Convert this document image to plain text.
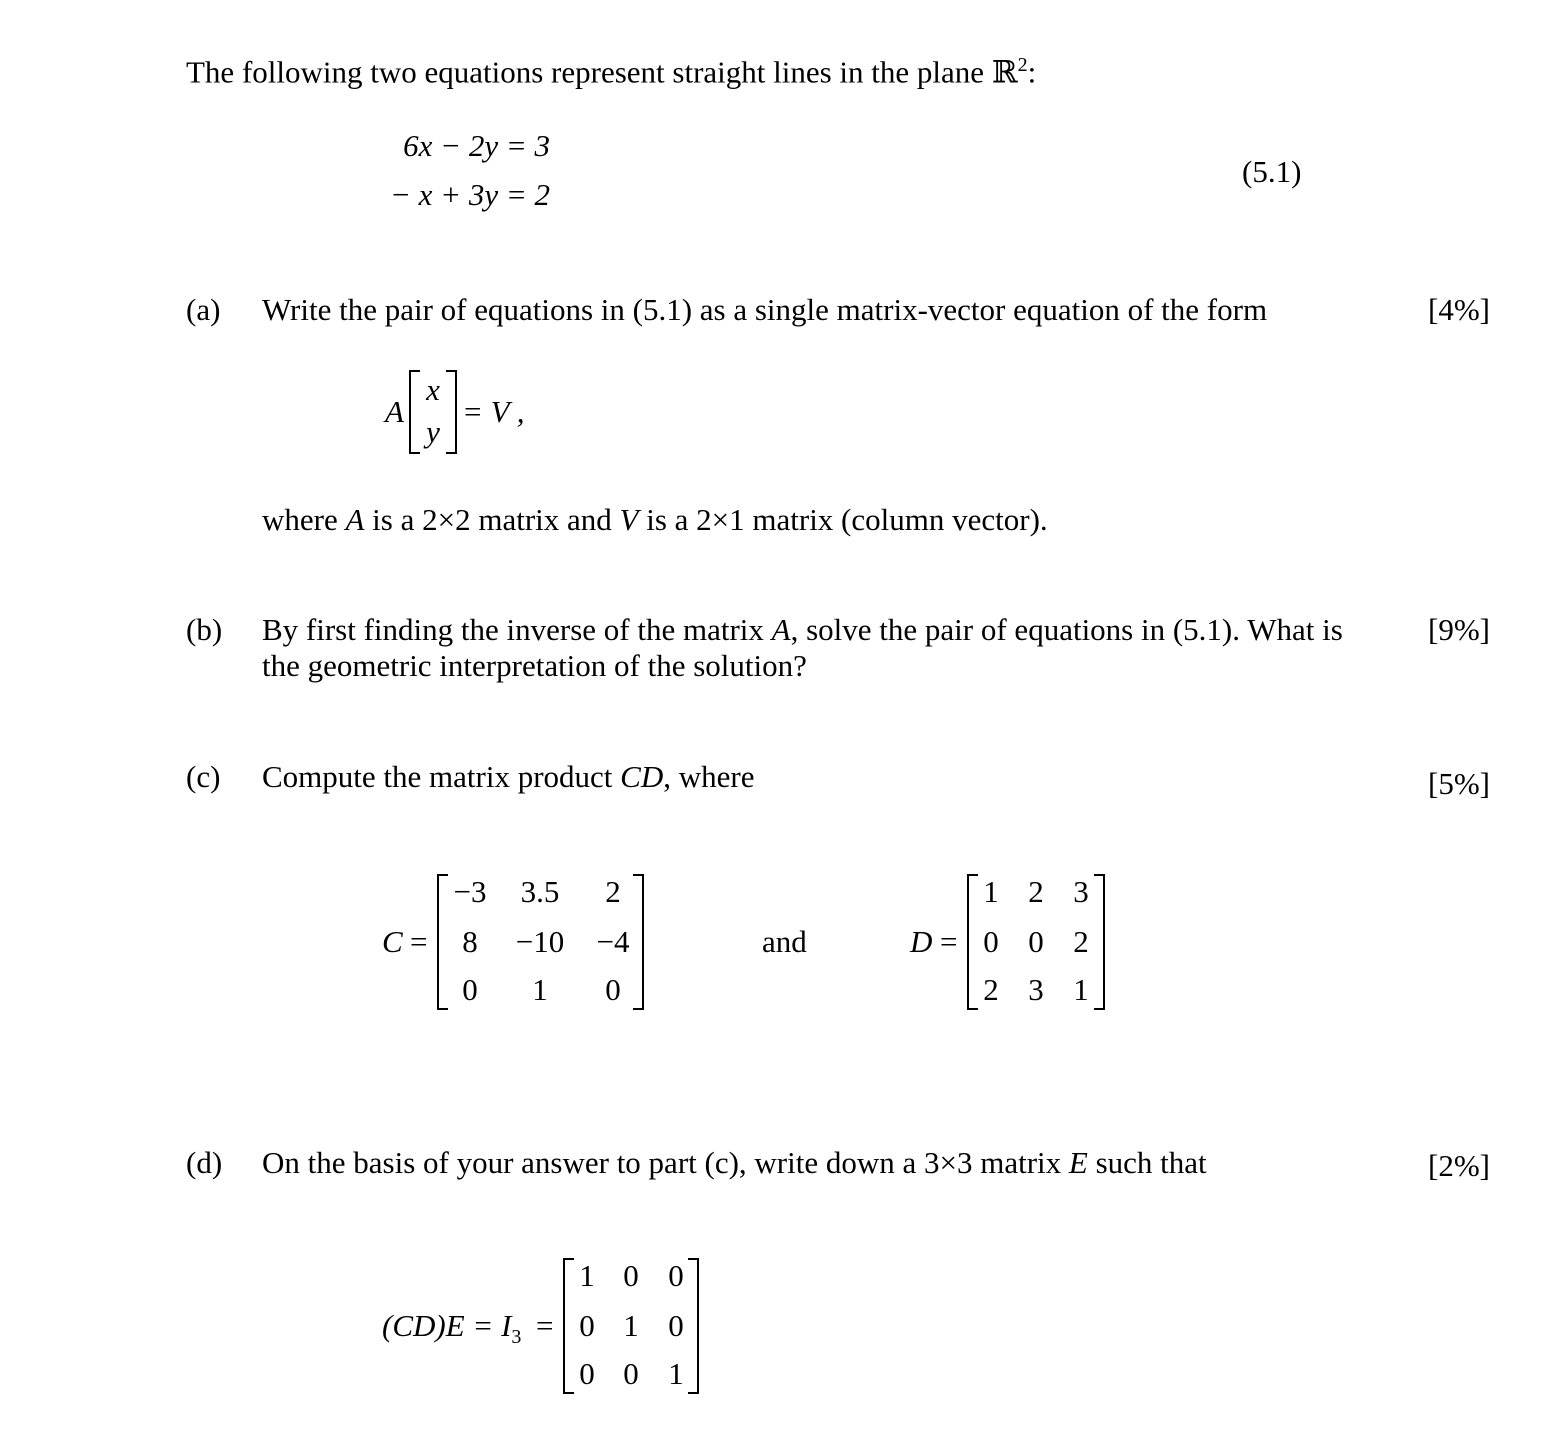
The following two equations represent straight lines in the plane ℝ$^2$:
6x − 2y = 3
− x + 3y = 2
(5.1)
(a) Write the pair of equations in (5.1) as a single matrix-vector equation of the form	[4%]
A
x
y
= V ,
where A is a 2×2 matrix and V is a 2×1 matrix (column vector).
(b) By first finding the inverse of the matrix A, solve the pair of equations in (5.1). What is
the geometric interpretation of the solution?
[9%]
(c) Compute the matrix product CD, where	[5%]
C =
−3	3.5	2
8	−10	−4
0	1	0
and	D =
1 2 3
0 0 2
2 3 1
(d) On the basis of your answer to part (c), write down a 3×3 matrix E such that	[2%]
$(CD)E = I_3$ =
1 0 0
0 1 0
0 0 1
